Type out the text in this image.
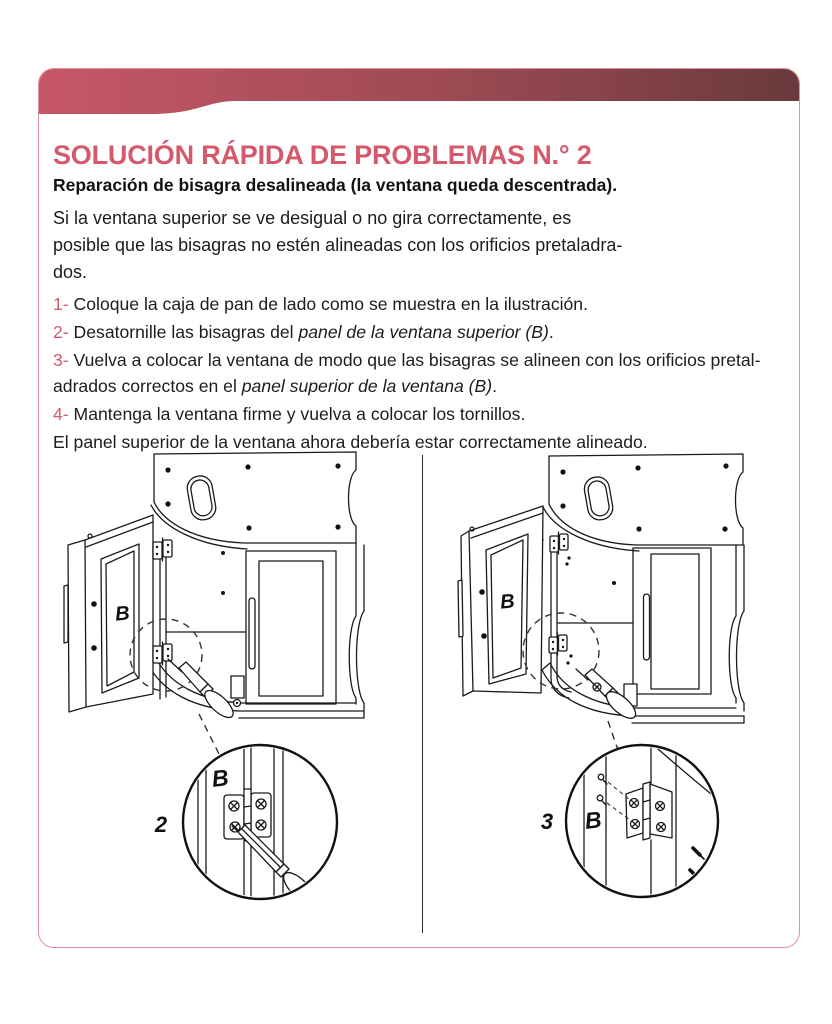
SOLUCIÓN RÁPIDA DE PROBLEMAS N.° 2
Reparación de bisagra desalineada (la ventana queda descentrada).
Si la ventana superior se ve desigual o no gira correctamente, es
posible que las bisagras no estén alineadas con los orificios pretaladra-
dos.
1- Coloque la caja de pan de lado como se muestra en la ilustración.
2- Desatornille las bisagras del panel de la ventana superior (B).
3- Vuelva a colocar la ventana de modo que las bisagras se alineen con los orificios pretal-
adrados correctos en el panel superior de la ventana (B).
4- Mantenga la ventana firme y vuelva a colocar los tornillos.
El panel superior de la ventana ahora debería estar correctamente alineado.
B
B
2
B
B
3
